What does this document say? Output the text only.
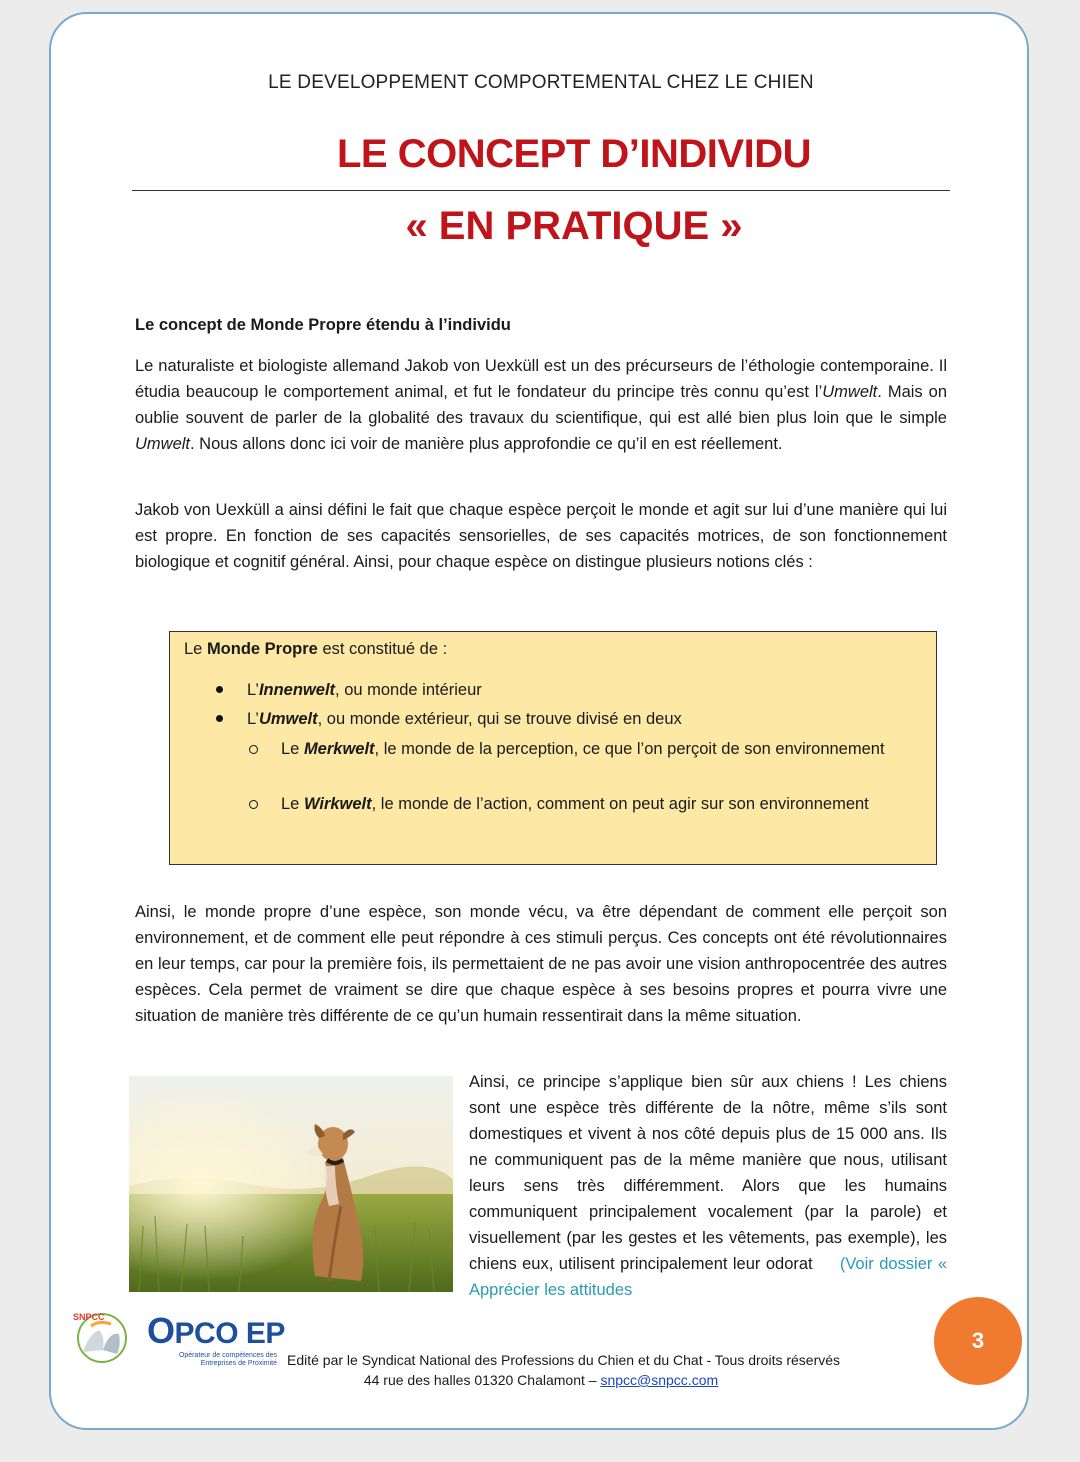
LE DEVELOPPEMENT COMPORTEMENTAL CHEZ LE CHIEN
LE CONCEPT D’INDIVIDU
« EN PRATIQUE »
Le concept de Monde Propre étendu à l’individu

Le naturaliste et biologiste allemand Jakob von Uexküll est un des précurseurs de l’éthologie contemporaine. Il étudia beaucoup le comportement animal, et fut le fondateur du principe très connu qu’est l’Umwelt. Mais on oublie souvent de parler de la globalité des travaux du scientifique, qui est allé bien plus loin que le simple Umwelt. Nous allons donc ici voir de manière plus approfondie ce qu’il en est réellement.

Jakob von Uexküll a ainsi défini le fait que chaque espèce perçoit le monde et agit sur lui d’une manière qui lui est propre. En fonction de ses capacités sensorielles, de ses capacités motrices, de son fonctionnement biologique et cognitif général. Ainsi, pour chaque espèce on distingue plusieurs notions clés :

Le Monde Propre est constitué de :
L’Innenwelt, ou monde intérieur
L’Umwelt, ou monde extérieur, qui se trouve divisé en deux
Le Merkwelt, le monde de la perception, ce que l’on perçoit de son environnement
Le Wirkwelt, le monde de l’action, comment on peut agir sur son environnement

Ainsi, le monde propre d’une espèce, son monde vécu, va être dépendant de comment elle perçoit son environnement, et de comment elle peut répondre à ces stimuli perçus. Ces concepts ont été révolutionnaires en leur temps, car pour la première fois, ils permettaient de ne pas avoir une vision anthropocentrée des autres espèces. Cela permet de vraiment se dire que chaque espèce à ses besoins propres et pourra vivre une situation de manière très différente de ce qu’un humain ressentirait dans la même situation.

Ainsi, ce principe s’applique bien sûr aux chiens ! Les chiens sont une espèce très différente de la nôtre, même s’ils sont domestiques et vivent à nos côté depuis plus de 15 000 ans. Ils ne communiquent pas de la même manière que nous, utilisant leurs sens très différemment. Alors que les humains communiquent principalement vocalement (par la parole) et visuellement (par les gestes et les vêtements, pas exemple), les chiens eux, utilisent principalement leur odorat (Voir dossier « Apprécier les attitudes

SNPCC OPCO EP
Opérateur de compétences des Entreprises de Proximité Edité par le Syndicat National des Professions du Chien et du Chat - Tous droits réservés
44 rue des halles 01320 Chalamont – snpcc@snpcc.com
3
